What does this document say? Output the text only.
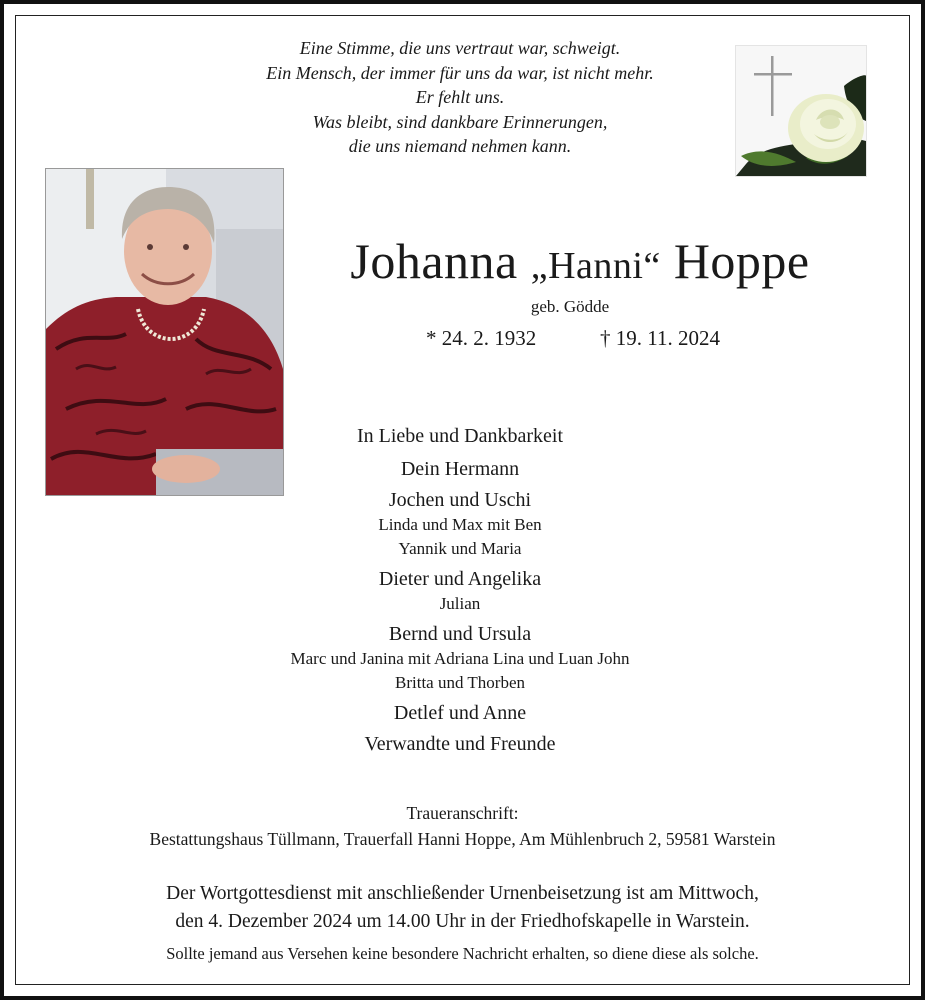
Eine Stimme, die uns vertraut war, schweigt.
Ein Mensch, der immer für uns da war, ist nicht mehr.
Er fehlt uns.
Was bleibt, sind dankbare Erinnerungen,
die uns niemand nehmen kann.
Johanna „Hanni“ Hoppe
geb. Gödde
* 24. 2. 1932	† 19. 11. 2024
In Liebe und Dankbarkeit
Dein Hermann
Jochen und Uschi
Linda und Max mit Ben
Yannik und Maria
Dieter und Angelika
Julian
Bernd und Ursula
Marc und Janina mit Adriana Lina und Luan John
Britta und Thorben
Detlef und Anne
Verwandte und Freunde
Traueranschrift:
Bestattungshaus Tüllmann, Trauerfall Hanni Hoppe, Am Mühlenbruch 2, 59581 Warstein
Der Wortgottesdienst mit anschließender Urnenbeisetzung ist am Mittwoch,
den 4. Dezember 2024 um 14.00 Uhr in der Friedhofskapelle in Warstein.
Sollte jemand aus Versehen keine besondere Nachricht erhalten, so diene diese als solche.
